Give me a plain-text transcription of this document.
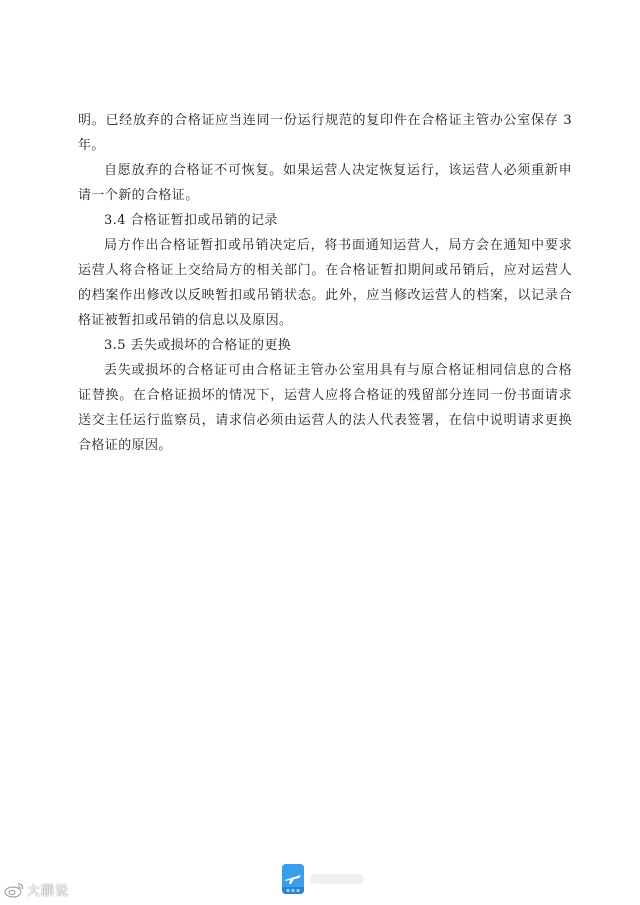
明。已经放弃的合格证应当连同一份运行规范的复印件在合格证主管办公室保存 3 年。

自愿放弃的合格证不可恢复。如果运营人决定恢复运行，该运营人必须重新申请一个新的合格证。

3.4 合格证暂扣或吊销的记录

局方作出合格证暂扣或吊销决定后，将书面通知运营人，局方会在通知中要求运营人将合格证上交给局方的相关部门。在合格证暂扣期间或吊销后，应对运营人的档案作出修改以反映暂扣或吊销状态。此外，应当修改运营人的档案，以记录合格证被暂扣或吊销的信息以及原因。

3.5 丢失或损坏的合格证的更换

丢失或损坏的合格证可由合格证主管办公室用具有与原合格证相同信息的合格证替换。在合格证损坏的情况下，运营人应将合格证的残留部分连同一份书面请求送交主任运行监察员，请求信必须由运营人的法人代表签署，在信中说明请求更换合格证的原因。

大鹏说
